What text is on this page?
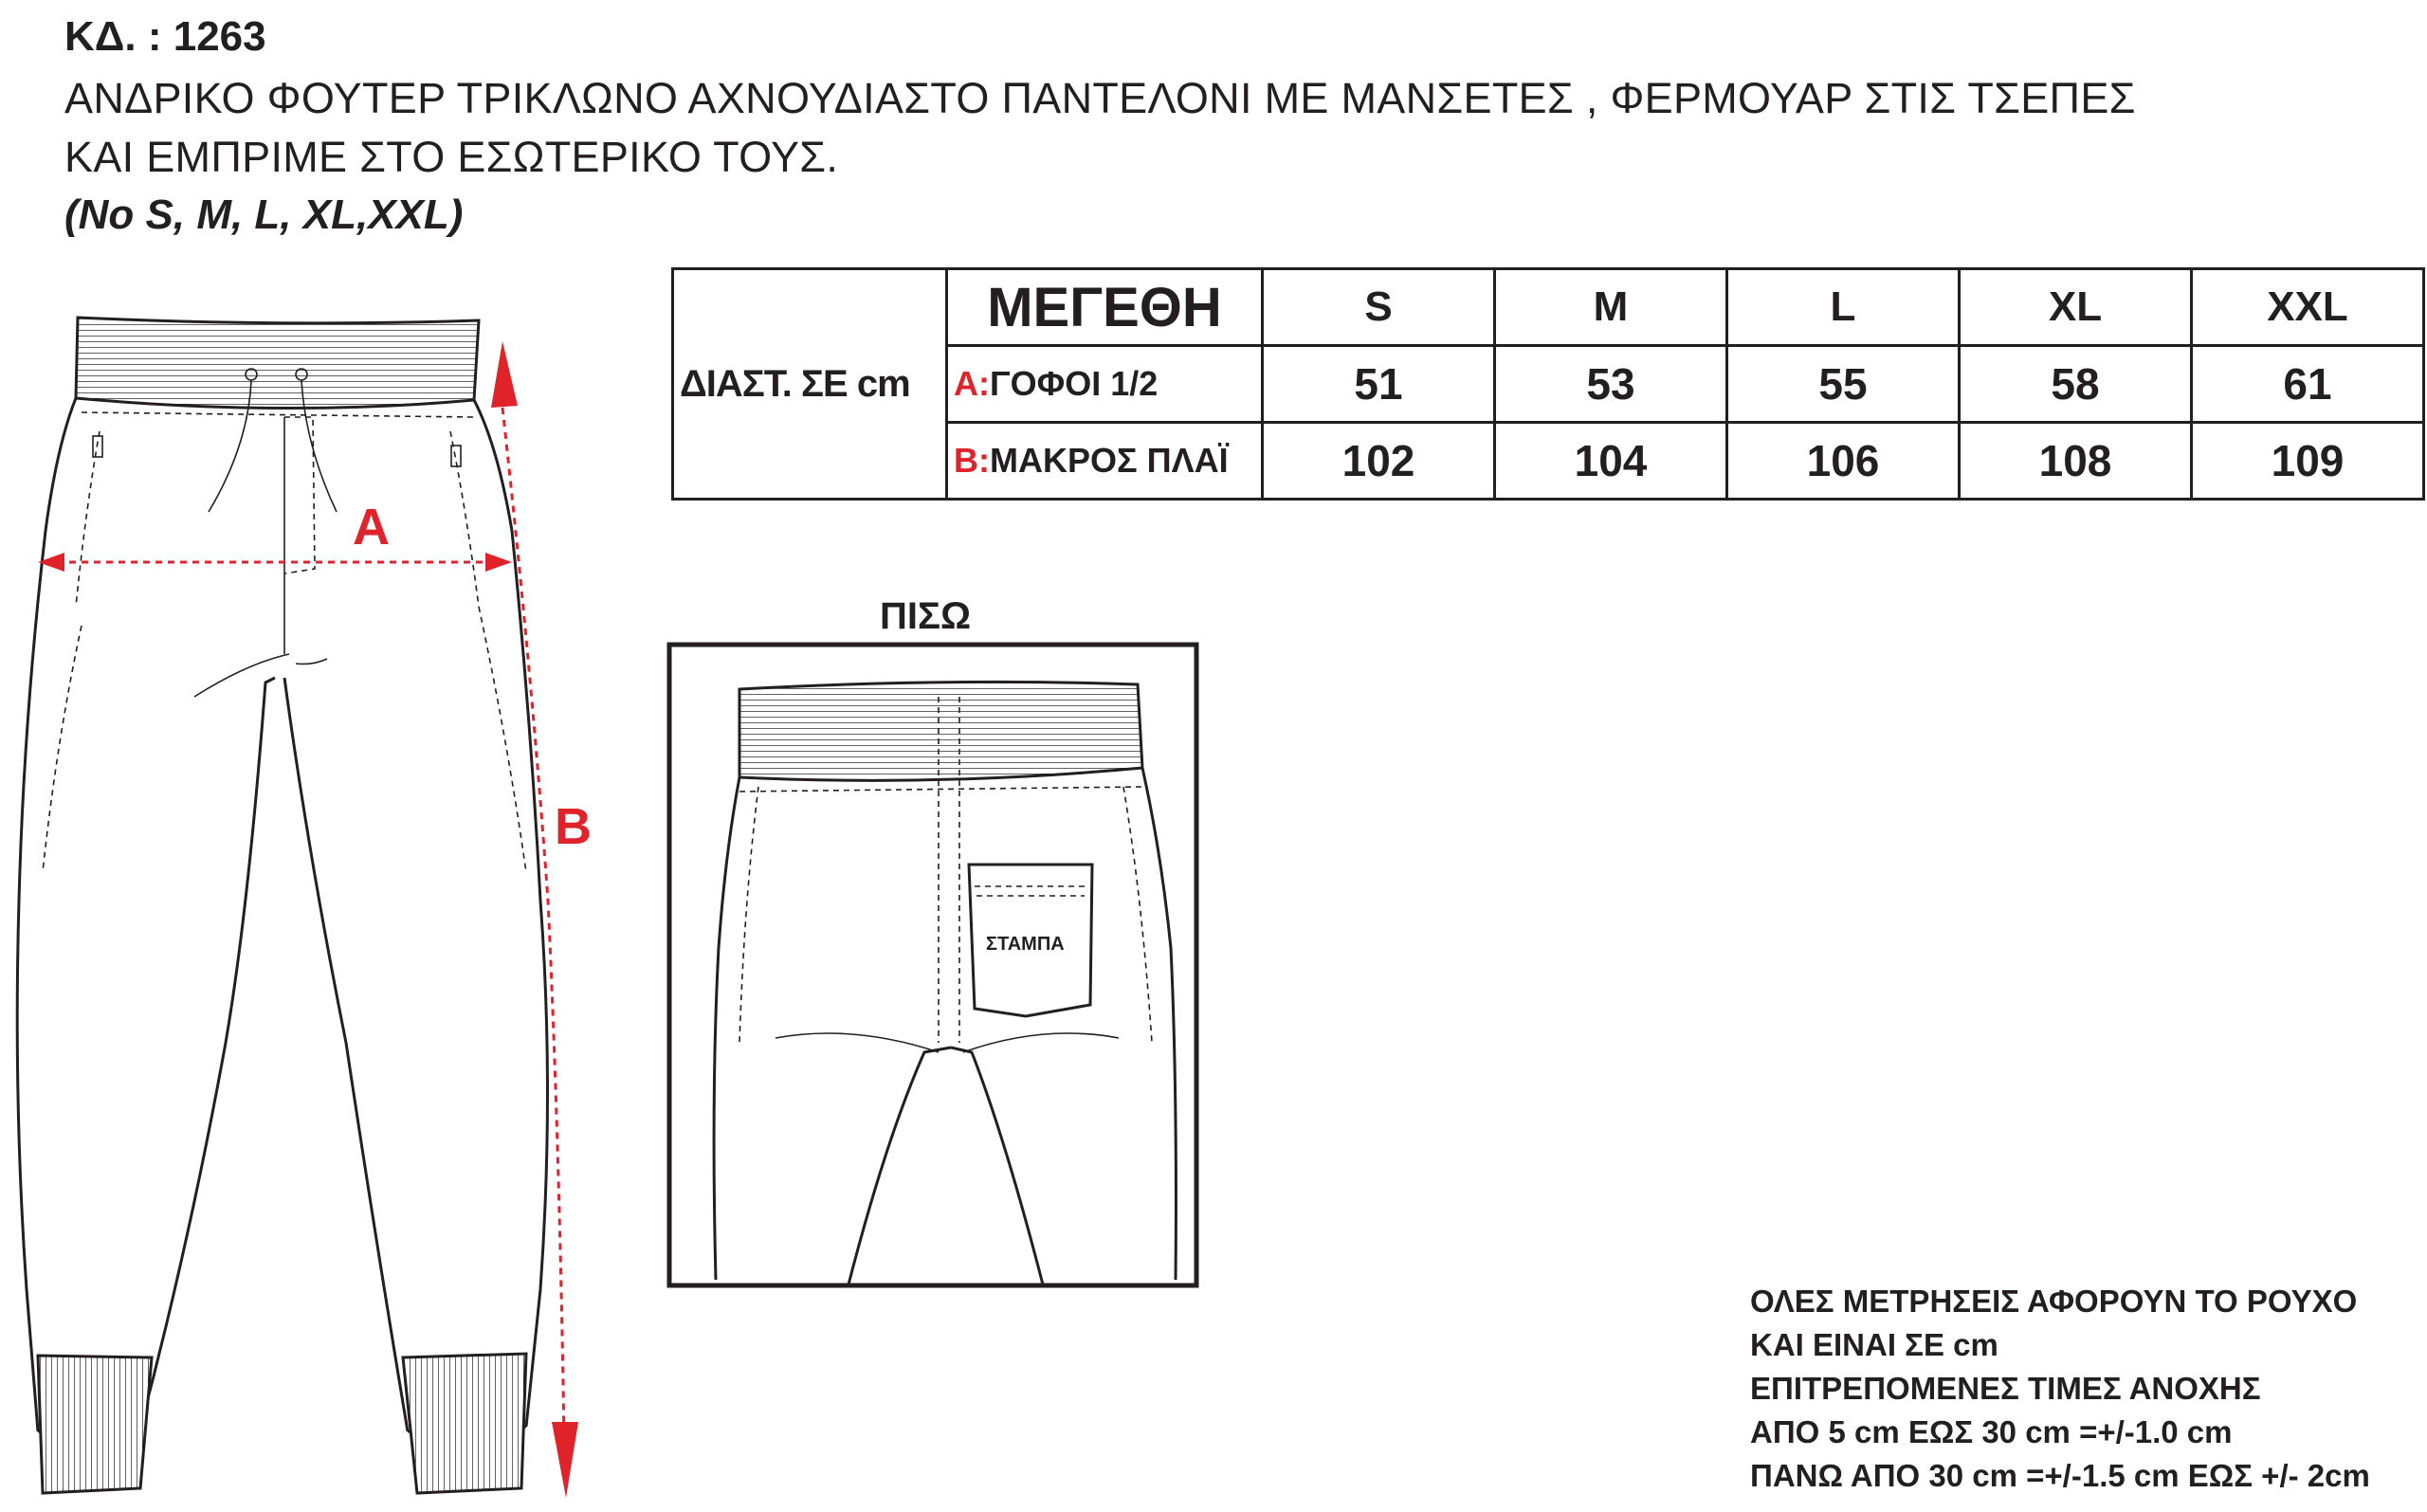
ΚΔ. : 1263
ΑΝΔΡΙΚΟ ΦΟΥΤΕΡ ΤΡΙΚΛΩΝΟ ΑΧΝΟΥΔΙΑΣΤΟ ΠΑΝΤΕΛΟΝΙ ΜΕ ΜΑΝΣΕΤΕΣ , ΦΕΡΜΟΥΑΡ ΣΤΙΣ ΤΣΕΠΕΣ
ΚΑΙ ΕΜΠΡΙΜΕ ΣΤΟ ΕΣΩΤΕΡΙΚΟ ΤΟΥΣ.
(No S, M, L, XL,XXL)
ΔΙΑΣΤ. ΣΕ cm	ΜΕΓΕΘΗ	S	M	L	XL	XXL
	A:ΓΟΦΟΙ 1/2	51	53	55	58	61
	B:ΜΑΚΡΟΣ ΠΛΑΪ	102	104	106	108	109
ΠΙΣΩ
A
B
ΣΤΑΜΠΑ
ΟΛΕΣ ΜΕΤΡΗΣΕΙΣ ΑΦΟΡΟΥΝ ΤΟ ΡΟΥΧΟ
ΚΑΙ ΕΙΝΑΙ ΣΕ cm
ΕΠΙΤΡΕΠΟΜΕΝΕΣ ΤΙΜΕΣ ΑΝΟΧΗΣ
ΑΠΟ 5 cm ΕΩΣ 30 cm =+/-1.0 cm
ΠΑΝΩ ΑΠΟ 30 cm =+/-1.5 cm ΕΩΣ +/- 2cm
